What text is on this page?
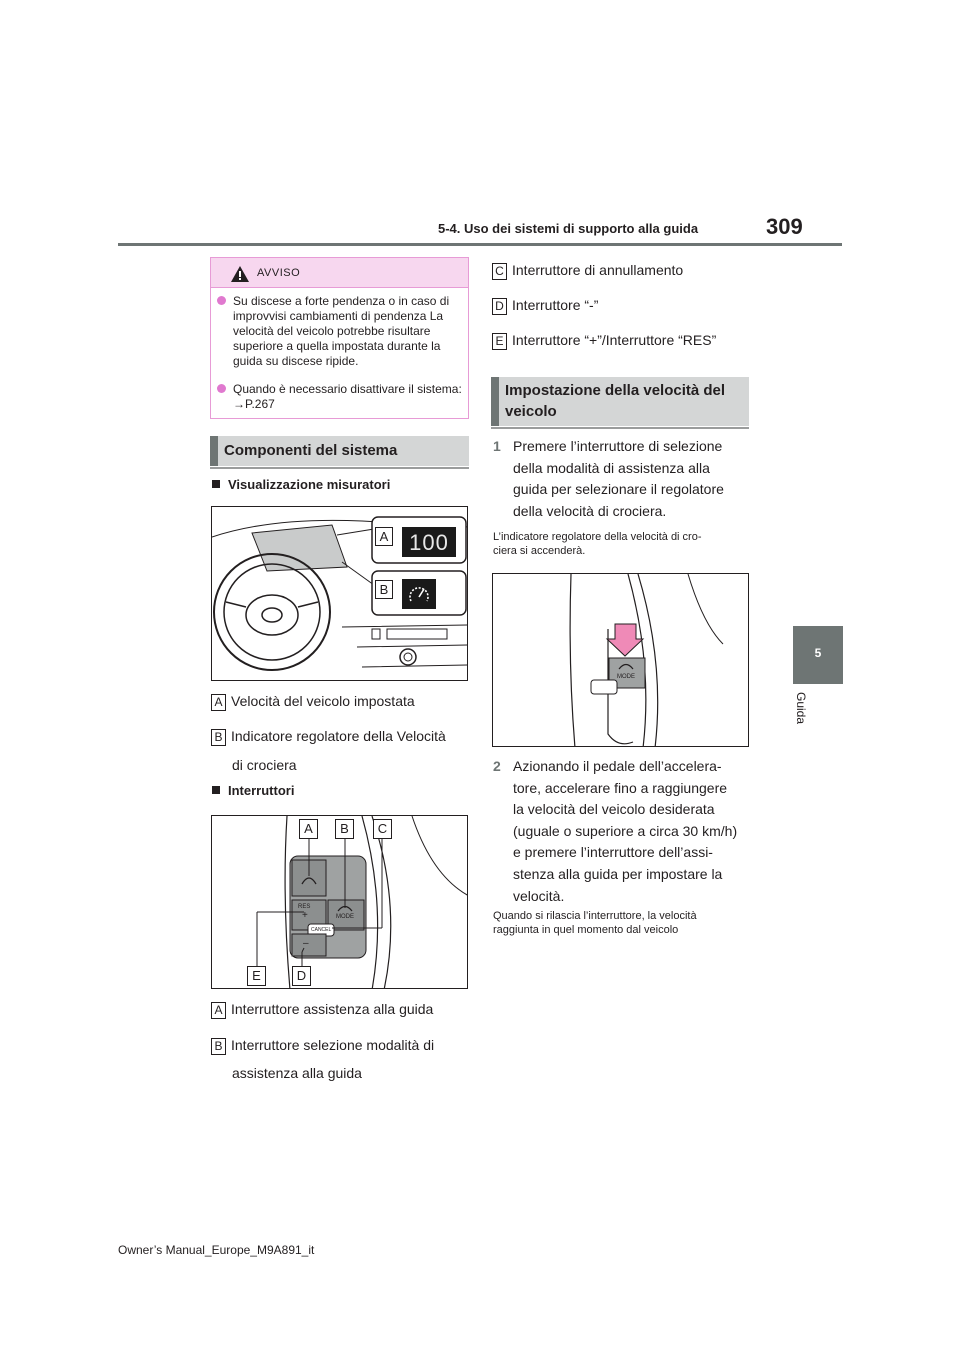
5-4. Uso dei sistemi di supporto alla guida	309
5
Guida
AVVISO
Su discese a forte pendenza o in caso di improvvisi cambiamenti di pendenza La velocità del veicolo potrebbe risultare superiore a quella impostata durante la guida su discese ripide.
Quando è necessario disattivare il sistema: →P.267
Componenti del sistema
Visualizzazione misuratori
A
B
100
A Velocità del veicolo impostata
B Indicatore regolatore della Velocità
di crociera
Interruttori
A	B	C
E	D
RES
+	MODE
CANCEL
–
A Interruttore assistenza alla guida
B Interruttore selezione modalità di
assistenza alla guida
C Interruttore di annullamento
D Interruttore “-”
E Interruttore “+”/Interruttore “RES”
Impostazione della velocità del
veicolo
1 Premere l’interruttore di selezione
della modalità di assistenza alla
guida per selezionare il regolatore
della velocità di crociera.
L’indicatore regolatore della velocità di cro-
ciera si accenderà.
MODE
2 Azionando il pedale dell’accelera-
tore, accelerare fino a raggiungere
la velocità del veicolo desiderata
(uguale o superiore a circa 30 km/h)
e premere l’interruttore dell’assi-
stenza alla guida per impostare la
velocità.
Quando si rilascia l’interruttore, la velocità
raggiunta in quel momento dal veicolo
Owner’s Manual_Europe_M9A891_it
